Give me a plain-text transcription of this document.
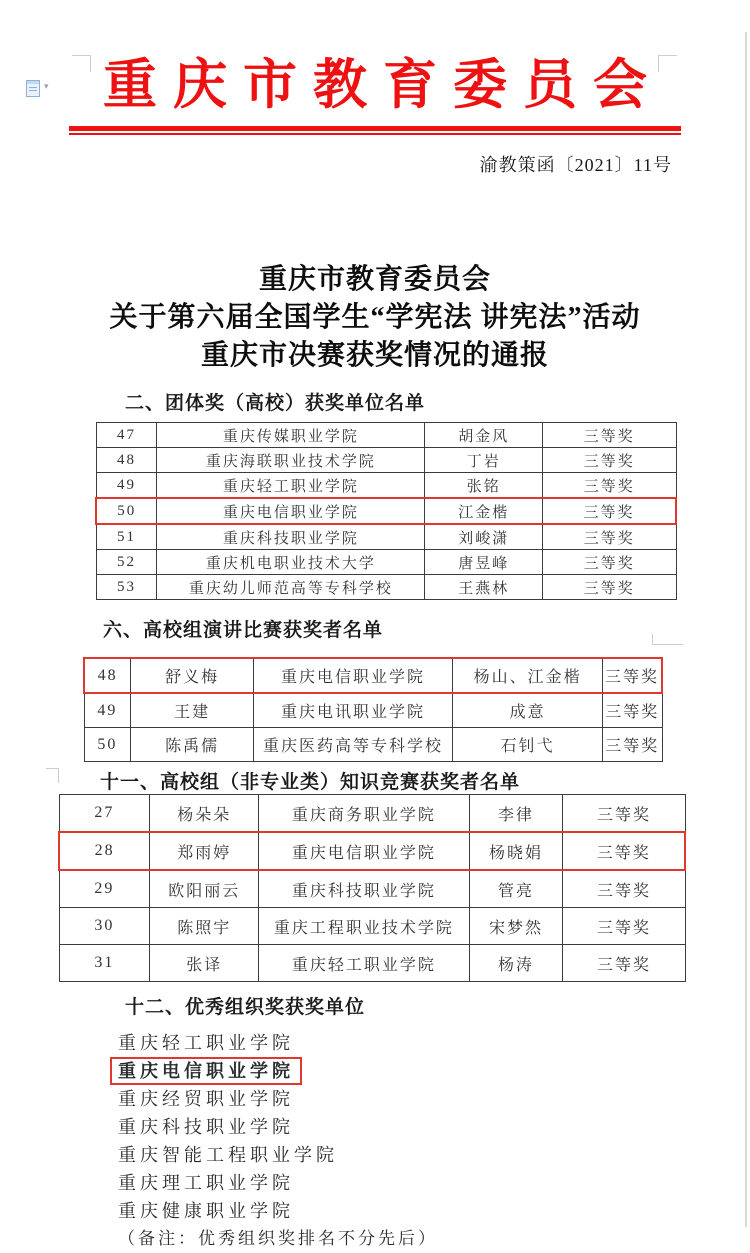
▾	重庆市教育委员会
渝教策函〔2021〕11号
重庆市教育委员会
关于第六届全国学生“学宪法 讲宪法”活动
重庆市决赛获奖情况的通报
二、团体奖（高校）获奖单位名单
47	重庆传媒职业学院	胡金风	三等奖
48	重庆海联职业技术学院	丁岩	三等奖
49	重庆轻工职业学院	张铭	三等奖
50	重庆电信职业学院	江金楷	三等奖
51	重庆科技职业学院	刘峻潇	三等奖
52	重庆机电职业技术大学	唐昱峰	三等奖
53	重庆幼儿师范高等专科学校	王燕林	三等奖
六、高校组演讲比赛获奖者名单
48	舒义梅	重庆电信职业学院	杨山、江金楷	三等奖
49	王建	重庆电讯职业学院	成意	三等奖
50	陈禹儒	重庆医药高等专科学校	石钊弋	三等奖
十一、高校组（非专业类）知识竞赛获奖者名单
27	杨朵朵	重庆商务职业学院	李律	三等奖
28	郑雨婷	重庆电信职业学院	杨晓娟	三等奖
29	欧阳丽云	重庆科技职业学院	管亮	三等奖
30	陈照宇	重庆工程职业技术学院	宋梦然	三等奖
31	张译	重庆轻工职业学院	杨涛	三等奖
十二、优秀组织奖获奖单位
重庆轻工职业学院
重庆电信职业学院
重庆经贸职业学院
重庆科技职业学院
重庆智能工程职业学院
重庆理工职业学院
重庆健康职业学院
（备注：优秀组织奖排名不分先后）
